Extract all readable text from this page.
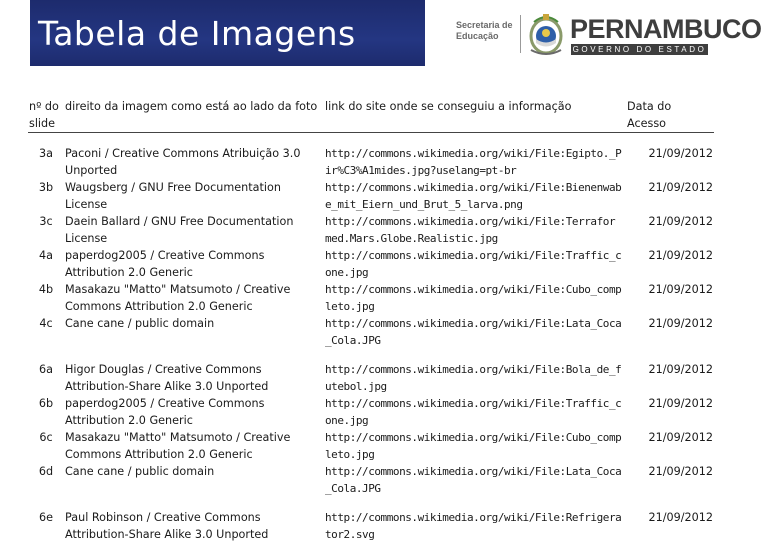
Tabela de Imagens	Secretaria de
Educação	PERNAMBUCO
GOVERNO DO ESTADO
nº do slide	direito da imagem como está ao lado da foto	link do site onde se conseguiu a informação	Data do Acesso

3a	Paconi / Creative Commons Atribuição 3.0 Unported	http://commons.wikimedia.org/wiki/File:Egipto._Pir%C3%A1mides.jpg?uselang=pt-br	21/09/2012
3b	Waugsberg / GNU Free Documentation License	http://commons.wikimedia.org/wiki/File:Bienenwabe_mit_Eiern_und_Brut_5_larva.png	21/09/2012
3c	Daein Ballard / GNU Free Documentation License	http://commons.wikimedia.org/wiki/File:Terrafor med.Mars.Globe.Realistic.jpg	21/09/2012
4a	paperdog2005 / Creative Commons Attribution 2.0 Generic	http://commons.wikimedia.org/wiki/File:Traffic_cone.jpg	21/09/2012
4b	Masakazu "Matto" Matsumoto / Creative Commons Attribution 2.0 Generic	http://commons.wikimedia.org/wiki/File:Cubo_completo.jpg	21/09/2012
4c	Cane cane / public domain	http://commons.wikimedia.org/wiki/File:Lata_Coca_Cola.JPG	21/09/2012
6a	Higor Douglas / Creative Commons Attribution-Share Alike 3.0 Unported	http://commons.wikimedia.org/wiki/File:Bola_de_futebol.jpg	21/09/2012
6b	paperdog2005 / Creative Commons Attribution 2.0 Generic	http://commons.wikimedia.org/wiki/File:Traffic_cone.jpg	21/09/2012
6c	Masakazu "Matto" Matsumoto / Creative Commons Attribution 2.0 Generic	http://commons.wikimedia.org/wiki/File:Cubo_completo.jpg	21/09/2012
6d	Cane cane / public domain	http://commons.wikimedia.org/wiki/File:Lata_Coca_Cola.JPG	21/09/2012
6e	Paul Robinson / Creative Commons Attribution-Share Alike 3.0 Unported	http://commons.wikimedia.org/wiki/File:Refrigerator2.svg	21/09/2012
